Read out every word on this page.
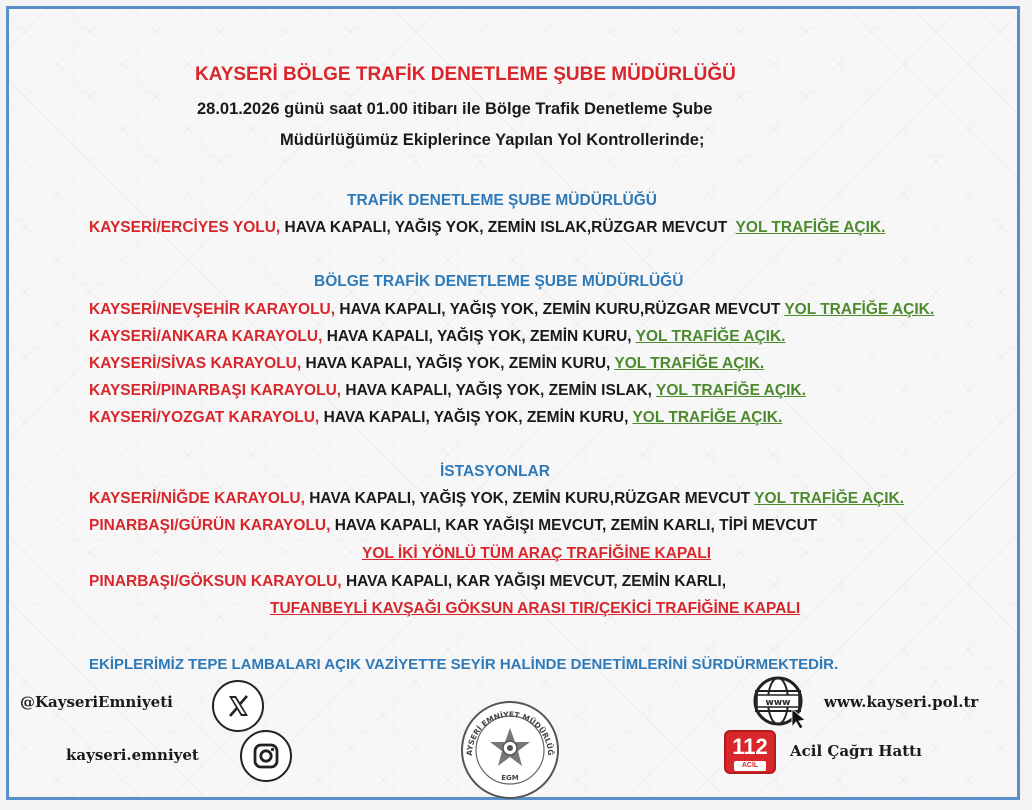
KAYSERİ BÖLGE TRAFİK DENETLEME ŞUBE MÜDÜRLÜĞÜ
28.01.2026 günü saat 01.00 itibarı ile Bölge Trafik Denetleme Şube
Müdürlüğümüz Ekiplerince Yapılan Yol Kontrollerinde;
TRAFİK DENETLEME ŞUBE MÜDÜRLÜĞÜ
KAYSERİ/ERCİYES YOLU, HAVA KAPALI, YAĞIŞ YOK, ZEMİN ISLAK,RÜZGAR MEVCUT YOL TRAFİĞE AÇIK.
BÖLGE TRAFİK DENETLEME ŞUBE MÜDÜRLÜĞÜ
KAYSERİ/NEVŞEHİR KARAYOLU, HAVA KAPALI, YAĞIŞ YOK, ZEMİN KURU,RÜZGAR MEVCUT YOL TRAFİĞE AÇIK.
KAYSERİ/ANKARA KARAYOLU, HAVA KAPALI, YAĞIŞ YOK, ZEMİN KURU, YOL TRAFİĞE AÇIK.
KAYSERİ/SİVAS KARAYOLU, HAVA KAPALI, YAĞIŞ YOK, ZEMİN KURU, YOL TRAFİĞE AÇIK.
KAYSERİ/PINARBAŞI KARAYOLU, HAVA KAPALI, YAĞIŞ YOK, ZEMİN ISLAK, YOL TRAFİĞE AÇIK.
KAYSERİ/YOZGAT KARAYOLU, HAVA KAPALI, YAĞIŞ YOK, ZEMİN KURU, YOL TRAFİĞE AÇIK.
İSTASYONLAR
KAYSERİ/NİĞDE KARAYOLU, HAVA KAPALI, YAĞIŞ YOK, ZEMİN KURU,RÜZGAR MEVCUT YOL TRAFİĞE AÇIK.
PINARBAŞI/GÜRÜN KARAYOLU, HAVA KAPALI, KAR YAĞIŞI MEVCUT, ZEMİN KARLI, TİPİ MEVCUT
YOL İKİ YÖNLÜ TÜM ARAÇ TRAFİĞİNE KAPALI
PINARBAŞI/GÖKSUN KARAYOLU, HAVA KAPALI, KAR YAĞIŞI MEVCUT, ZEMİN KARLI,
TUFANBEYLİ KAVŞAĞI GÖKSUN ARASI TIR/ÇEKİCİ TRAFİĞİNE KAPALI
EKİPLERİMİZ TEPE LAMBALARI AÇIK VAZİYETTE SEYİR HALİNDE DENETİMLERİNİ SÜRDÜRMEKTEDİR.
@KayseriEmniyeti
kayseri.emniyet	AYSERİ EMNİYET MÜDÜRLÜĞ
EGM
www www.kayseri.pol.tr
112
ACİL
Acil Çağrı Hattı
